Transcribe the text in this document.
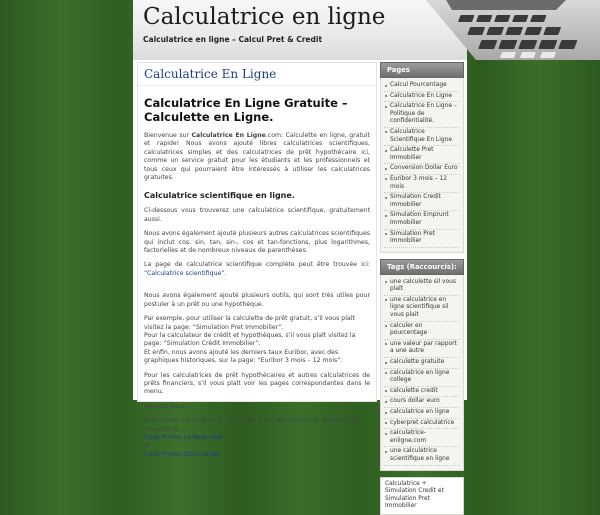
Calculatrice en ligne
Calculatrice en ligne – Calcul Pret & Credit
Calculatrice En Ligne
Calculatrice En Ligne Gratuite – Calculette en Ligne.

Bienvenue sur Calculatrice En Ligne.com: Calculette en ligne, gratuit et rapide! Nous avons ajouté libres calculatrices scientifiques, calculatrices simples et des calculatrices de prêt hypothécaire ici, comme un service gratuit pour les étudiants et les professionnels et tous ceux qui pourraient être intéressés à utiliser les calculatrices gratuites.

Calculatrice scientifique en ligne.

Ci-dessous vous trouverez une calculatrice scientifique, gratuitement aussi.

Nous avons également ajouté plusieurs autres calculatrices scientifiques qui inclut cos, sin, tan, sin-, cos et tan-fonctions, plus logarithmes, factorielles et de nombreux niveaux de parenthèses.

La page de calculatrice scientifique complète peut être trouvée ici: “Calculatrice scientifique”.

Nous avons également ajouté plusieurs outils, qui sont très utiles pour postuler à un prêt ou une hypothèque.

Par exemple, pour utiliser la calculette de prêt gratuit, s’il vous plaît visitez la page: “Simulation Pret Immobilier”.
Pour la calculateur de crédit et hypothèques, s’il vous plaît visitez la page: “Simulation Crédit Immobilier”.
Et enfin, nous avons ajouté les derniers taux Euribor, avec des graphiques historiques, sur la page: “Euribor 3 mois – 12 mois”.

Pour les calculatrices de prêt hypothécaires et autres calculatrices de prêts financiers, s’il vous plaît voir les pages correspondantes dans le menu.

Amusez-vous!

Économisez de l’argent à Laredoute.fr et Cdiscount.com. Obtenez vos coupons ici:
Code Promo La Redoute⧉
et
Code Promo CDiscount⧉

Pages
Calcul Pourcentage
Calculatrice En Ligne
Calculatrice En Ligne – Politique de confidentialité.
Calculatrice Scientifique En Ligne
Calculette Pret Immobilier
Conversion Dollar Euro
Euribor 3 mois – 12 mois
Simulation Credit immobilier
Simulation Emprunt Immobilier
Simulation Pret Immobilier
Tags (Raccourcis):
une calculette sil vous plaît
une calculatrice en ligne scientifique sil vous plait
calculer en pourcentage
une valeur par rapport a une autre
calculette gratuite
calculatrice en ligne college
calculette credit
cours dollar euro
calculatrice en ligne
cyberpret calculatrice
calculatrice-enligne.com
une calculatrice scientifique en ligne
Calculatrice + Simulation Credit et Simulation Pret Immobilier
